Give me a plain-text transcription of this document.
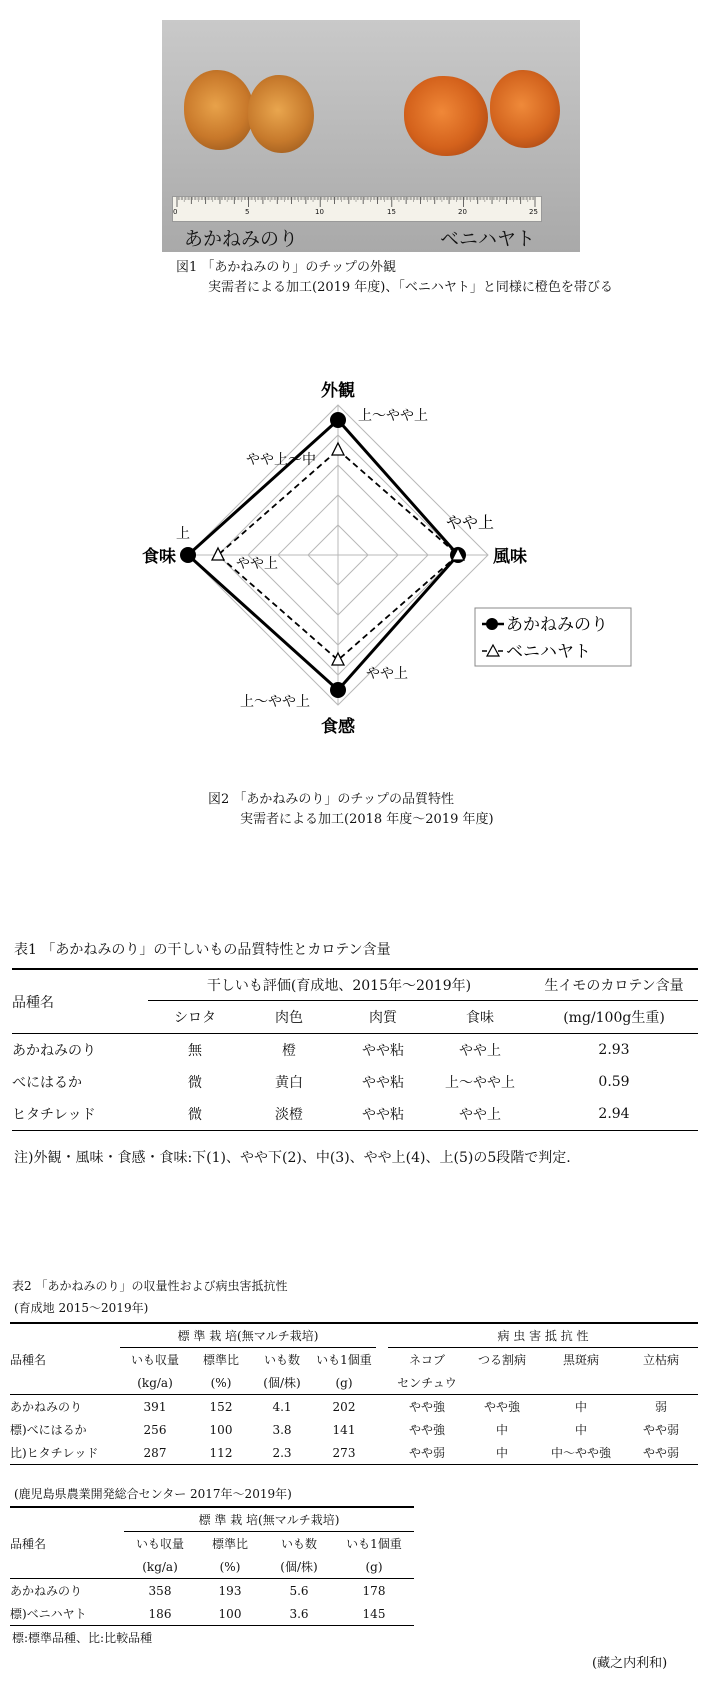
0	5	10	15	20	25
あかねみのり	ベニハヤト
図1 「あかねみのり」のチップの外観
実需者による加工(2019 年度)、「ベニハヤト」と同様に橙色を帯びる
外観
風味
食感
食味
上～やや上
やや上～中
やや上
上
やや上
やや上
上～やや上
あかねみのり
ベニハヤト
図2 「あかねみのり」のチップの品質特性
実需者による加工(2018 年度～2019 年度)
表1 「あかねみのり」の干しいもの品質特性とカロテン含量
品種名	干しいも評価(育成地、2015年～2019年)				生イモのカロテン含量
	シロタ	肉色	肉質	食味	(mg/100g生重)
あかねみのり	無	橙	やや粘	やや上	2.93
べにはるか	微	黄白	やや粘	上～やや上	0.59
ヒタチレッド	微	淡橙	やや粘	やや上	2.94
注)外観・風味・食感・食味:下(1)、やや下(2)、中(3)、やや上(4)、上(5)の5段階で判定.
表2 「あかねみのり」の収量性および病虫害抵抗性
(育成地 2015～2019年)
品種名	標 準 栽 培(無マルチ栽培)					病 虫 害 抵 抗 性			
	いも収量	標準比	いも数	いも1個重		ネコブ	つる割病	黒斑病	立枯病
	(kg/a)	(%)	(個/株)	(g)		センチュウ			
あかねみのり	391	152	4.1	202		やや強	やや強	中	弱
標)べにはるか	256	100	3.8	141		やや強	中	中	やや弱
比)ヒタチレッド	287	112	2.3	273		やや弱	中	中～やや強	やや弱
(鹿児島県農業開発総合センター 2017年～2019年)
品種名	標 準 栽 培(無マルチ栽培)			
	いも収量	標準比	いも数	いも1個重
	(kg/a)	(%)	(個/株)	(g)
あかねみのり	358	193	5.6	178
標)ベニハヤト	186	100	3.6	145
標:標準品種、比:比較品種
(藏之内利和)
